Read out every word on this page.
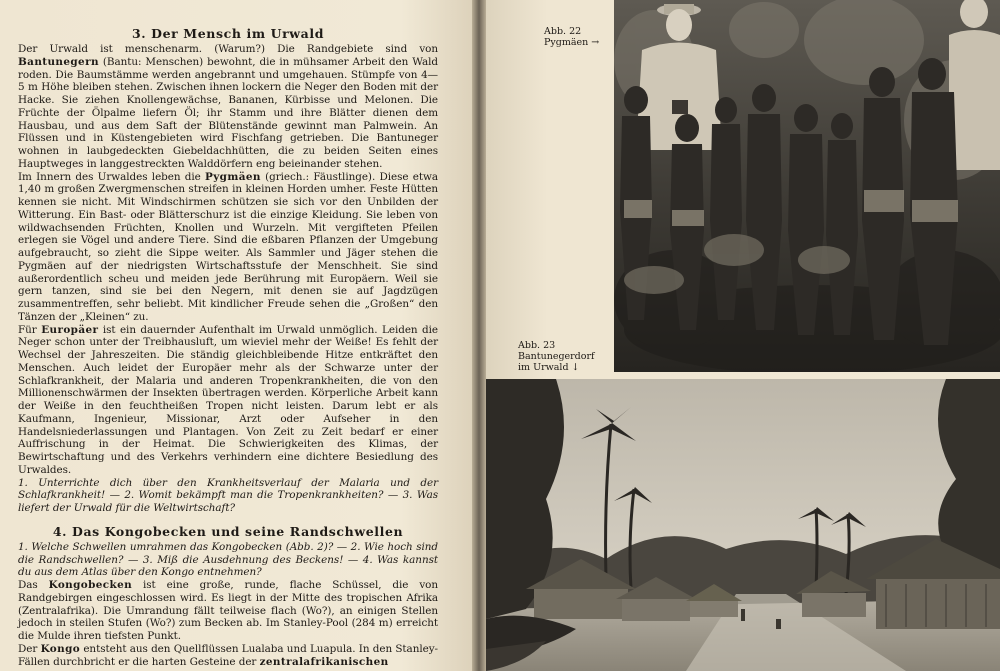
3. Der Mensch im Urwald

Der Urwald ist menschenarm. (Warum?) Die Randgebiete sind von Bantunegern (Bantu: Menschen) bewohnt, die in mühsamer Arbeit den Wald roden. Die Baumstämme werden angebrannt und umgehauen. Stümpfe von 4—5 m Höhe bleiben stehen. Zwischen ihnen lockern die Neger den Boden mit der Hacke. Sie ziehen Knollengewächse, Bananen, Kürbisse und Melonen. Die Früchte der Ölpalme liefern Öl; ihr Stamm und ihre Blätter dienen dem Hausbau, und aus dem Saft der Blütenstände gewinnt man Palmwein. An Flüssen und in Küstengebieten wird Fischfang getrieben. Die Bantuneger wohnen in laubgedeckten Giebeldachhütten, die zu beiden Seiten eines Hauptweges in langgestreckten Walddörfern eng beieinander stehen.

Im Innern des Urwaldes leben die Pygmäen (griech.: Fäustlinge). Diese etwa 1,40 m großen Zwergmenschen streifen in kleinen Horden umher. Feste Hütten kennen sie nicht. Mit Windschirmen schützen sie sich vor den Unbilden der Witterung. Ein Bast- oder Blätterschurz ist die einzige Kleidung. Sie leben von wildwachsenden Früchten, Knollen und Wurzeln. Mit vergifteten Pfeilen erlegen sie Vögel und andere Tiere. Sind die eßbaren Pflanzen der Umgebung aufgebraucht, so zieht die Sippe weiter. Als Sammler und Jäger stehen die Pygmäen auf der niedrigsten Wirtschaftsstufe der Menschheit. Sie sind außerordentlich scheu und meiden jede Berührung mit Europäern. Weil sie gern tanzen, sind sie bei den Negern, mit denen sie auf Jagdzügen zusammentreffen, sehr beliebt. Mit kindlicher Freude sehen die „Großen“ den Tänzen der „Kleinen“ zu.

Für Europäer ist ein dauernder Aufenthalt im Urwald unmöglich. Leiden die Neger schon unter der Treibhausluft, um wieviel mehr der Weiße! Es fehlt der Wechsel der Jahreszeiten. Die ständig gleichbleibende Hitze entkräftet den Menschen. Auch leidet der Europäer mehr als der Schwarze unter der Schlafkrankheit, der Malaria und anderen Tropenkrankheiten, die von den Millionenschwärmen der Insekten übertragen werden. Körperliche Arbeit kann der Weiße in den feuchtheißen Tropen nicht leisten. Darum lebt er als Kaufmann, Ingenieur, Missionar, Arzt oder Aufseher in den Handelsniederlassungen und Plantagen. Von Zeit zu Zeit bedarf er einer Auffrischung in der Heimat. Die Schwierigkeiten des Klimas, der Bewirtschaftung und des Verkehrs verhindern eine dichtere Besiedlung des Urwaldes.

1. Unterrichte dich über den Krankheitsverlauf der Malaria und der Schlafkrankheit! — 2. Womit bekämpft man die Tropenkrankheiten? — 3. Was liefert der Urwald für die Weltwirtschaft?

4. Das Kongobecken und seine Randschwellen

1. Welche Schwellen umrahmen das Kongobecken (Abb. 2)? — 2. Wie hoch sind die Randschwellen? — 3. Miß die Ausdehnung des Beckens! — 4. Was kannst du aus dem Atlas über den Kongo entnehmen?

Das Kongobecken ist eine große, runde, flache Schüssel, die von Randgebirgen eingeschlossen wird. Es liegt in der Mitte des tropischen Afrika (Zentralafrika). Die Umrandung fällt teilweise flach (Wo?), an einigen Stellen jedoch in steilen Stufen (Wo?) zum Becken ab. Im Stanley-Pool (284 m) erreicht die Mulde ihren tiefsten Punkt.

Der Kongo entsteht aus den Quellflüssen Lualaba und Luapula. In den Stanley-Fällen durchbricht er die harten Gesteine der zentralafrikanischen

Abb. 22
Pygmäen →
Abb. 23
Bantunegerdorf
im Urwald ↓
